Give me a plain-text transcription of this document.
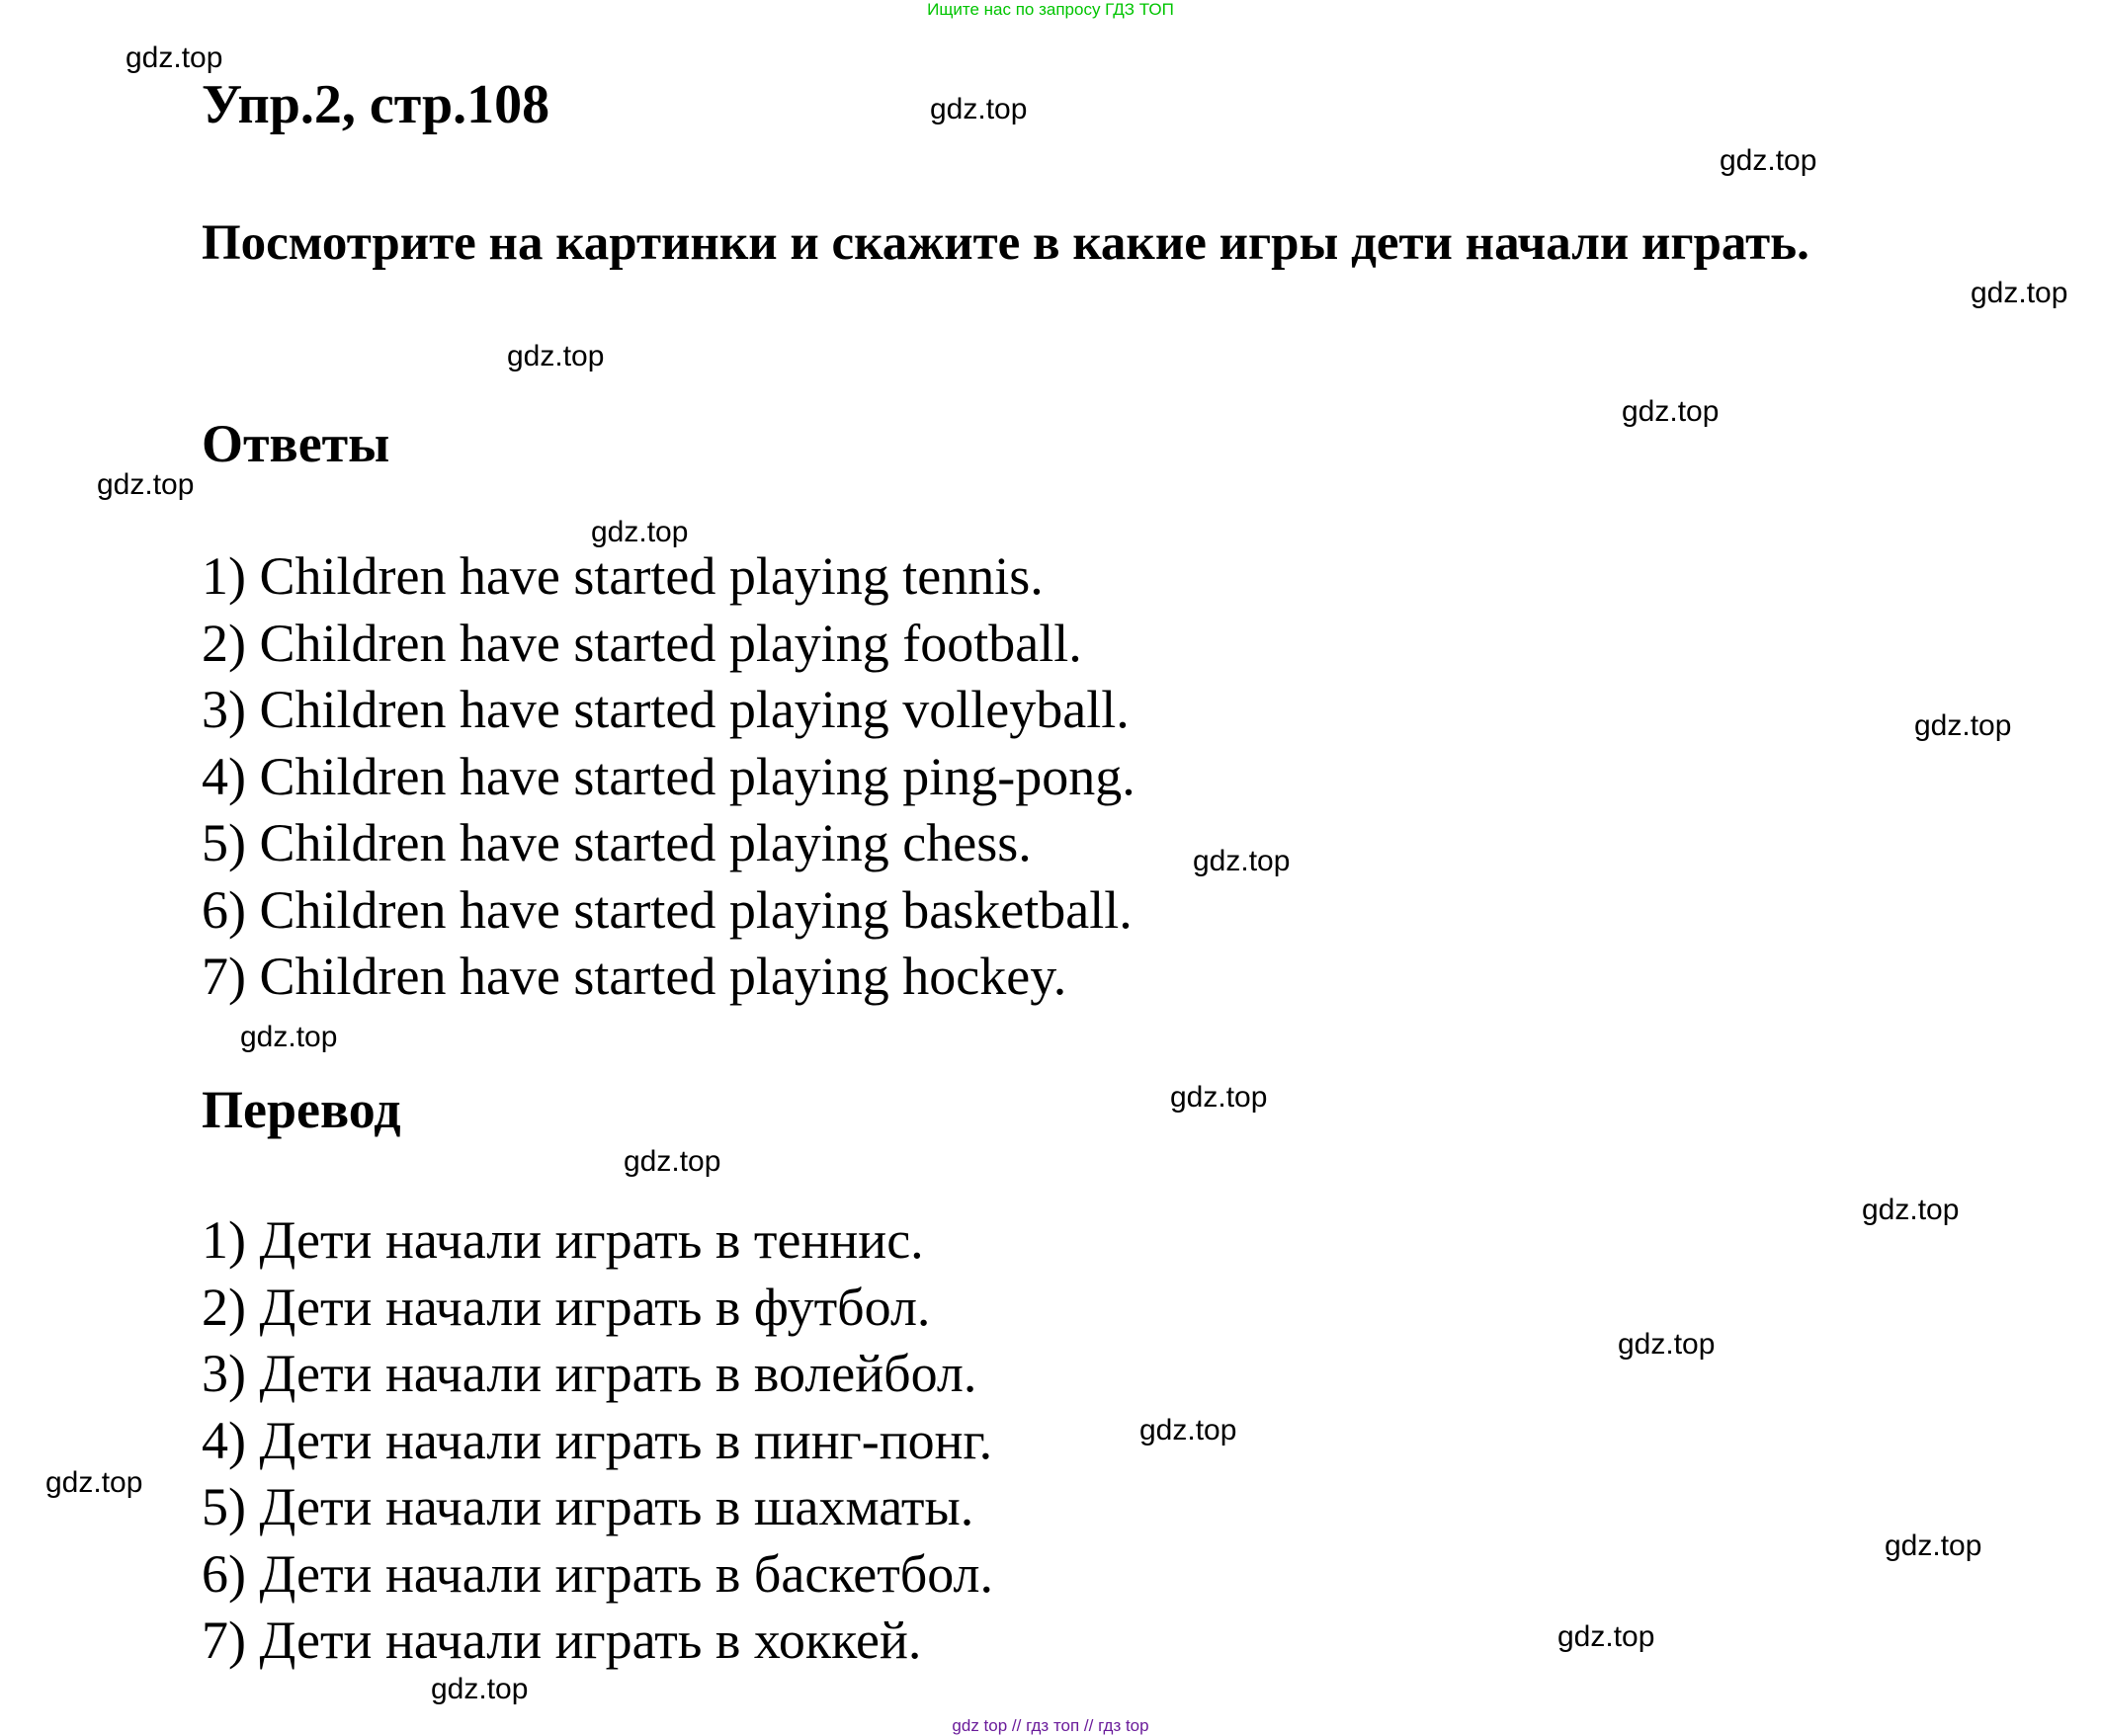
Ищите нас по запросу ГДЗ ТОП
Упр.2, стр.108
Посмотрите на картинки и скажите в какие игры дети начали играть.
Ответы
1) Children have started playing tennis.
2) Children have started playing football.
3) Children have started playing volleyball.
4) Children have started playing ping-pong.
5) Children have started playing chess.
6) Children have started playing basketball.
7) Children have started playing hockey.
Перевод
1) Дети начали играть в теннис.
2) Дети начали играть в футбол.
3) Дети начали играть в волейбол.
4) Дети начали играть в пинг-понг.
5) Дети начали играть в шахматы.
6) Дети начали играть в баскетбол.
7) Дети начали играть в хоккей.
gdz.top
gdz.top
gdz.top
gdz.top
gdz.top
gdz.top
gdz.top
gdz.top
gdz.top
gdz.top
gdz.top
gdz.top
gdz.top
gdz.top
gdz.top
gdz.top
gdz.top
gdz.top
gdz.top
gdz.top
gdz top // гдз топ // гдз top
